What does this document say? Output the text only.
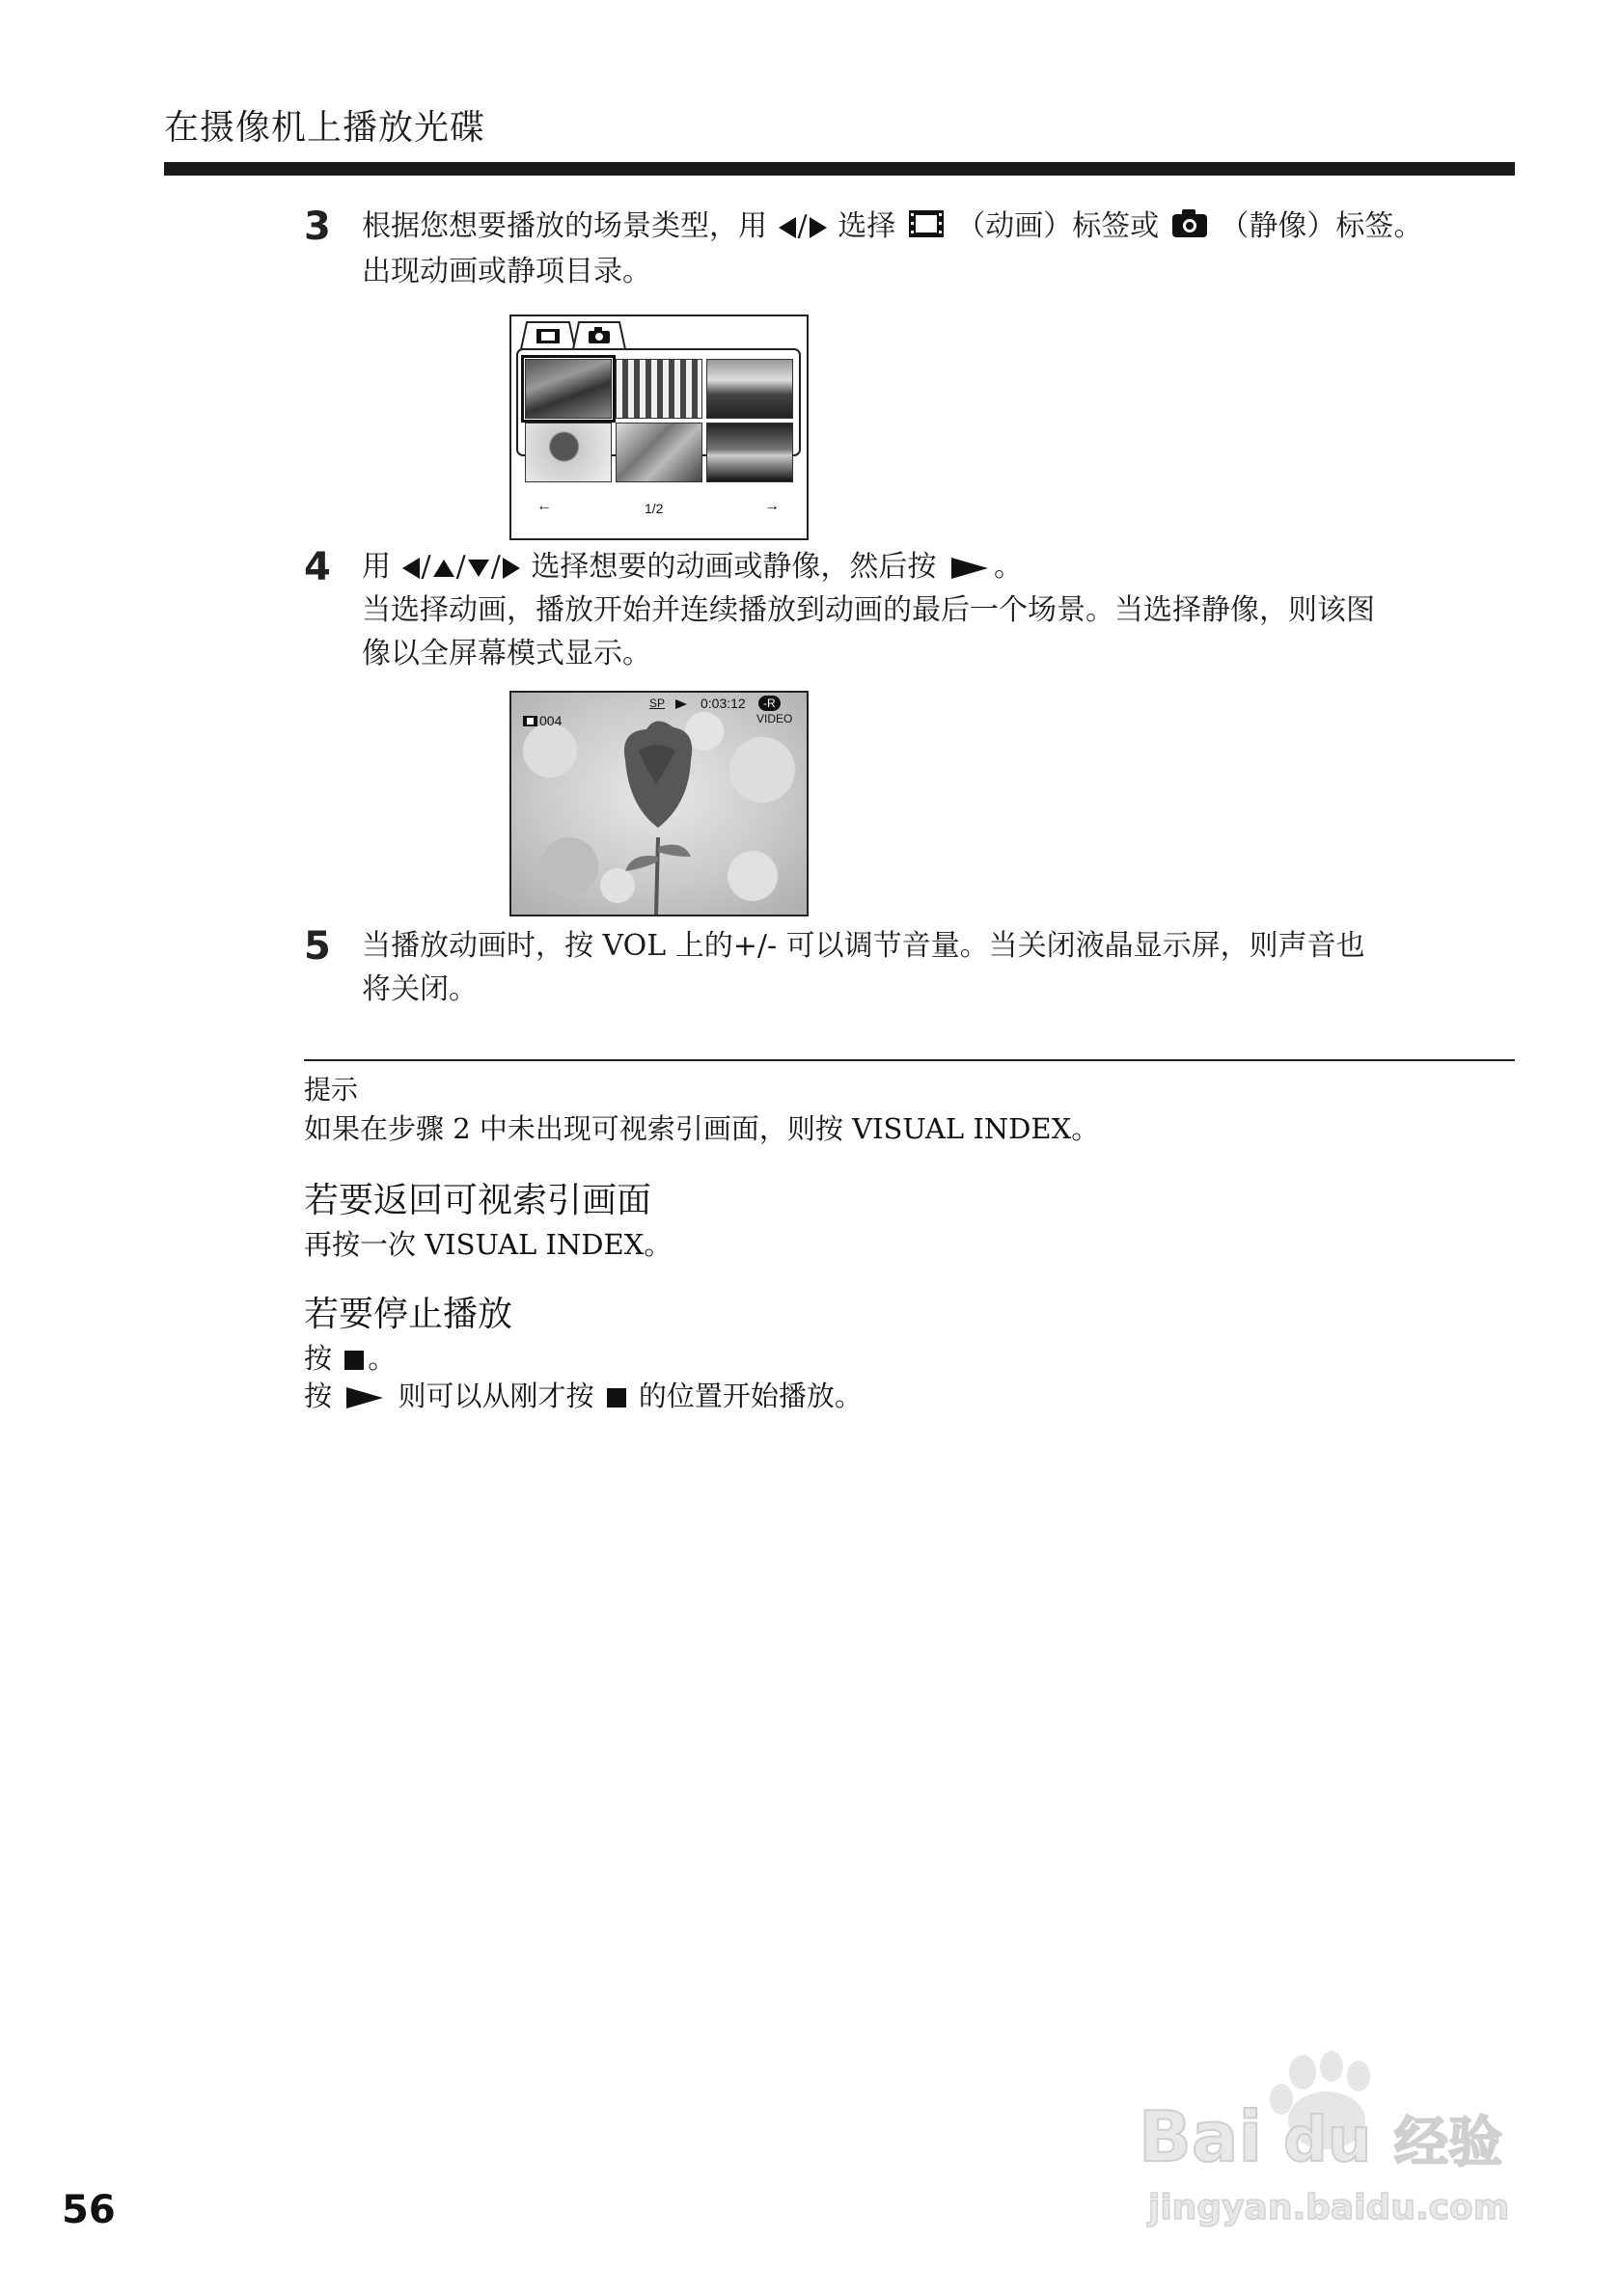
在摄像机上播放光碟
3 根据您想要播放的场景类型，用 / 选择 （动画）标签或 （静像）标签。

出现动画或静项目录。

←	1/2	→
4 用 / / / 选择想要的动画或静像，然后按 。

当选择动画，播放开始并连续播放到动画的最后一个场景。当选择静像，则该图

像以全屏幕模式显示。

SP	0:03:12	-R
VIDEO
004
5 当播放动画时，按 VOL 上的+/- 可以调节音量。当关闭液晶显示屏，则声音也

将关闭。

提示
如果在步骤 2 中未出现可视索引画面，则按 VISUAL INDEX。
若要返回可视索引画面
再按一次 VISUAL INDEX。
若要停止播放
按 。
按 则可以从刚才按 的位置开始播放。
56
Bai du 经验
jingyan.baidu.com
